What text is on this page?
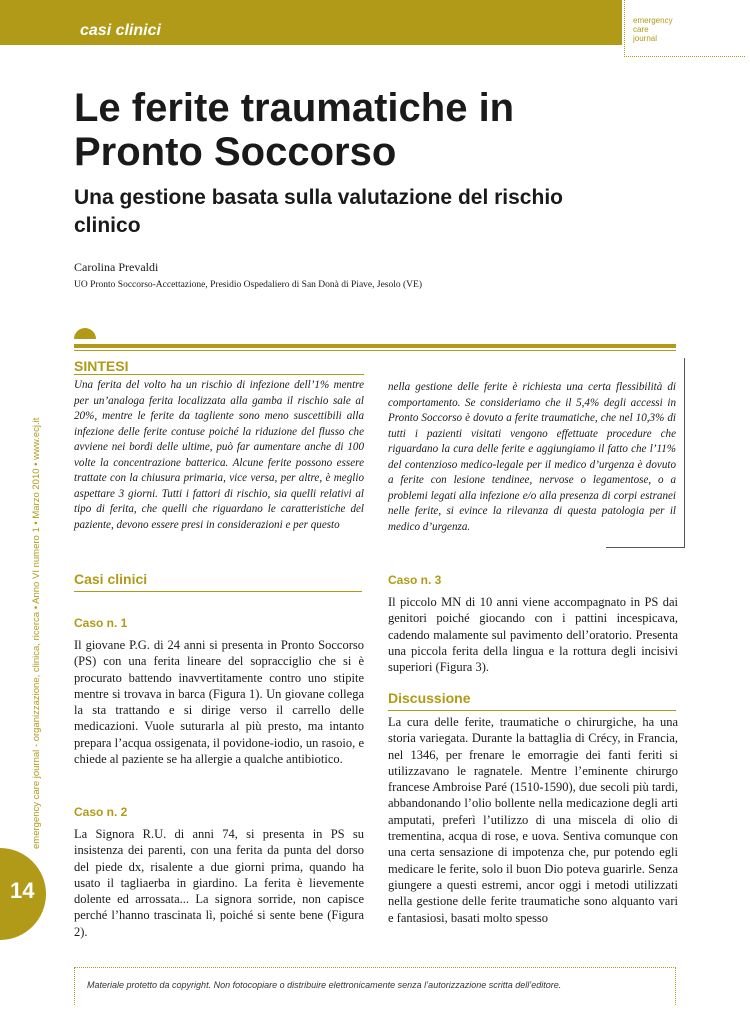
casi clinici
emergency
care
journal
Le ferite traumatiche in Pronto Soccorso
Una gestione basata sulla valutazione del rischio clinico
Carolina Prevaldi
UO Pronto Soccorso-Accettazione, Presidio Ospedaliero di San Donà di Piave, Jesolo (VE)
SINTESI

Una ferita del volto ha un rischio di infezione dell’1% mentre per un’analoga ferita localizzata alla gamba il rischio sale al 20%, mentre le ferite da tagliente sono meno suscettibili alla infezione delle ferite contuse poiché la riduzione del flusso che avviene nei bordi delle ultime, può far aumentare anche di 100 volte la concentrazione batterica. Alcune ferite possono essere trattate con la chiusura primaria, vice versa, per altre, è meglio aspettare 3 giorni. Tutti i fattori di rischio, sia quelli relativi al tipo di ferita, che quelli che riguardano le caratteristiche del paziente, devono essere presi in considerazioni e per questo

nella gestione delle ferite è richiesta una certa flessibilità di comportamento. Se consideriamo che il 5,4% degli accessi in Pronto Soccorso è dovuto a ferite traumatiche, che nel 10,3% di tutti i pazienti visitati vengono effettuate procedure che riguardano la cura delle ferite e aggiungiamo il fatto che l’11% del contenzioso medico-legale per il medico d’urgenza è dovuto a ferite con lesione tendinee, nervose o legamentose, o a problemi legati alla infezione e/o alla presenza di corpi estranei nelle ferite, si evince la rilevanza di questa patologia per il medico d’urgenza.

Casi clinici
Caso n. 1

Il giovane P.G. di 24 anni si presenta in Pronto Soccorso (PS) con una ferita lineare del sopracciglio che si è procurato battendo inavvertitamente contro uno stipite mentre si trovava in barca (Figura 1). Un giovane collega la sta trattando e si dirige verso il carrello delle medicazioni. Vuole suturarla al più presto, ma intanto prepara l’acqua ossigenata, il povidone-iodio, un rasoio, e chiede al paziente se ha allergie a qualche antibiotico.

Caso n. 2

La Signora R.U. di anni 74, si presenta in PS su insistenza dei parenti, con una ferita da punta del dorso del piede dx, risalente a due giorni prima, quando ha usato il tagliaerba in giardino. La ferita è lievemente dolente ed arrossata... La signora sorride, non capisce perché l’hanno trascinata lì, poiché si sente bene (Figura 2).

Caso n. 3

Il piccolo MN di 10 anni viene accompagnato in PS dai genitori poiché giocando con i pattini incespicava, cadendo malamente sul pavimento dell’oratorio. Presenta una piccola ferita della lingua e la rottura degli incisivi superiori (Figura 3).

Discussione

La cura delle ferite, traumatiche o chirurgiche, ha una storia variegata. Durante la battaglia di Crécy, in Francia, nel 1346, per frenare le emorragie dei fanti feriti si utilizzavano le ragnatele. Mentre l’eminente chirurgo francese Ambroise Paré (1510-1590), due secoli più tardi, abbandonando l’olio bollente nella medicazione degli arti amputati, preferì l’utilizzo di una miscela di olio di trementina, acqua di rose, e uova. Sentiva comunque con una certa sensazione di impotenza che, pur potendo egli medicare le ferite, solo il buon Dio poteva guarirle. Senza giungere a questi estremi, ancor oggi i metodi utilizzati nella gestione delle ferite traumatiche sono alquanto vari e fantasiosi, basati molto spesso

emergency care journal - organizzazione, clinica, ricerca • Anno VI numero 1 • Marzo 2010 • www.ecj.it
14
Materiale protetto da copyright. Non fotocopiare o distribuire elettronicamente senza l’autorizzazione scritta dell’editore.
